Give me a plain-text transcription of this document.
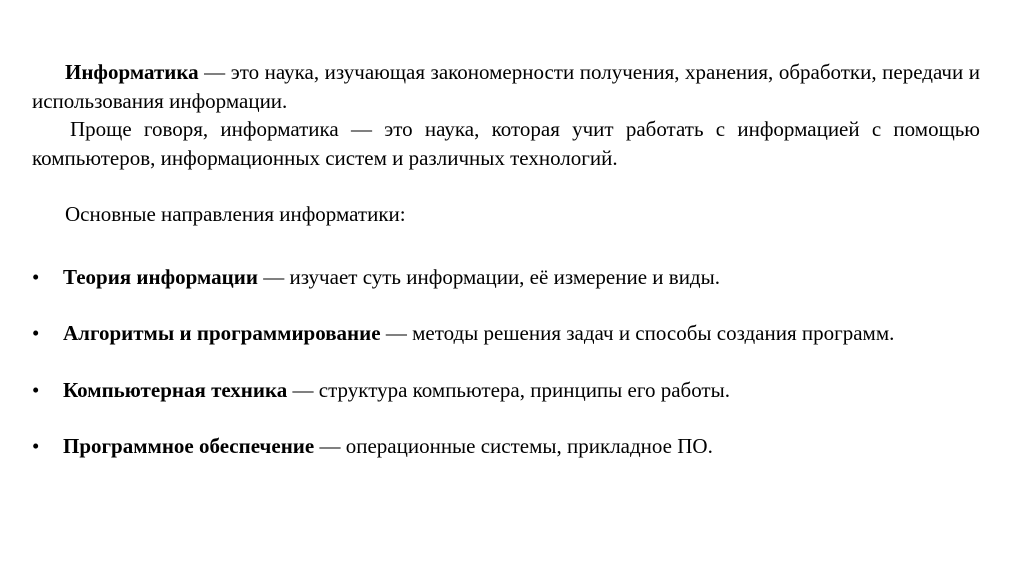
Информатика — это наука, изучающая закономерности получения, хранения, обработки, передачи и использования информации.

Проще говоря, информатика — это наука, которая учит работать с информацией с помощью компьютеров, информационных систем и различных технологий.

Основные направления информатики:

•	Теория информации — изучает суть информации, её измерение и виды.
•	Алгоритмы и программирование — методы решения задач и способы создания программ.
•	Компьютерная техника — структура компьютера, принципы его работы.
•	Программное обеспечение — операционные системы, прикладное ПО.
